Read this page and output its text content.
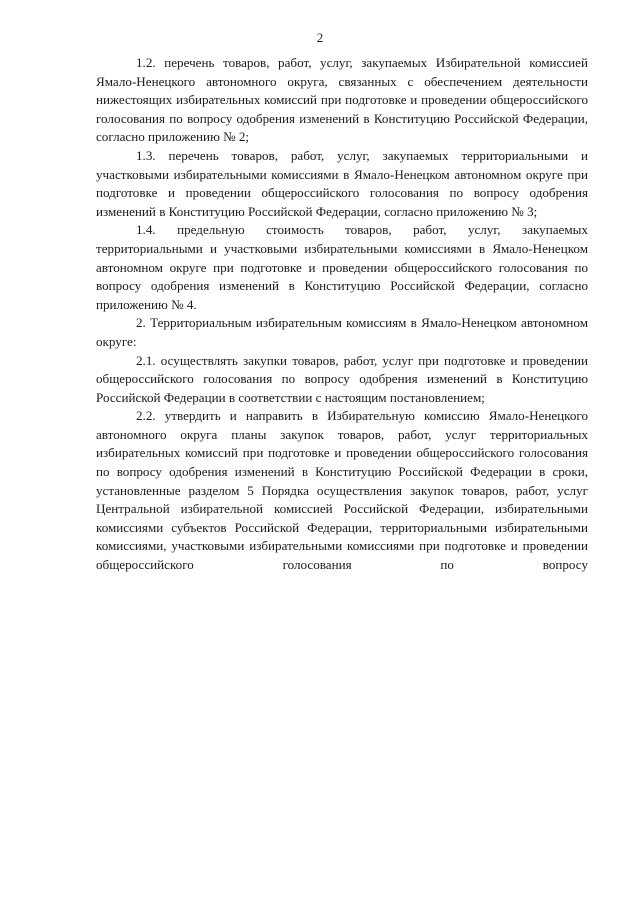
2

1.2. перечень товаров, работ, услуг, закупаемых Избирательной комиссией Ямало-Ненецкого автономного округа, связанных с обеспечением деятельности нижестоящих избирательных комиссий при подготовке и проведении общероссийского голосования по вопросу одобрения изменений в Конституцию Российской Федерации, согласно приложению № 2;

1.3. перечень товаров, работ, услуг, закупаемых территориальными и участковыми избирательными комиссиями в Ямало-Ненецком автономном округе при подготовке и проведении общероссийского голосования по вопросу одобрения изменений в Конституцию Российской Федерации, согласно приложению № 3;

1.4. предельную стоимость товаров, работ, услуг, закупаемых территориальными и участковыми избирательными комиссиями в Ямало-Ненецком автономном округе при подготовке и проведении общероссийского голосования по вопросу одобрения изменений в Конституцию Российской Федерации, согласно приложению № 4.

2. Территориальным избирательным комиссиям в Ямало-Ненецком автономном округе:

2.1. осуществлять закупки товаров, работ, услуг при подготовке и проведении общероссийского голосования по вопросу одобрения изменений в Конституцию Российской Федерации в соответствии с настоящим постановлением;

2.2. утвердить и направить в Избирательную комиссию Ямало-Ненецкого автономного округа планы закупок товаров, работ, услуг территориальных избирательных комиссий при подготовке и проведении общероссийского голосования по вопросу одобрения изменений в Конституцию Российской Федерации в сроки, установленные разделом 5 Порядка осуществления закупок товаров, работ, услуг Центральной избирательной комиссией Российской Федерации, избирательными комиссиями субъектов Российской Федерации, территориальными избирательными комиссиями, участковыми избирательными комиссиями при подготовке и проведении общероссийского голосования по вопросу
